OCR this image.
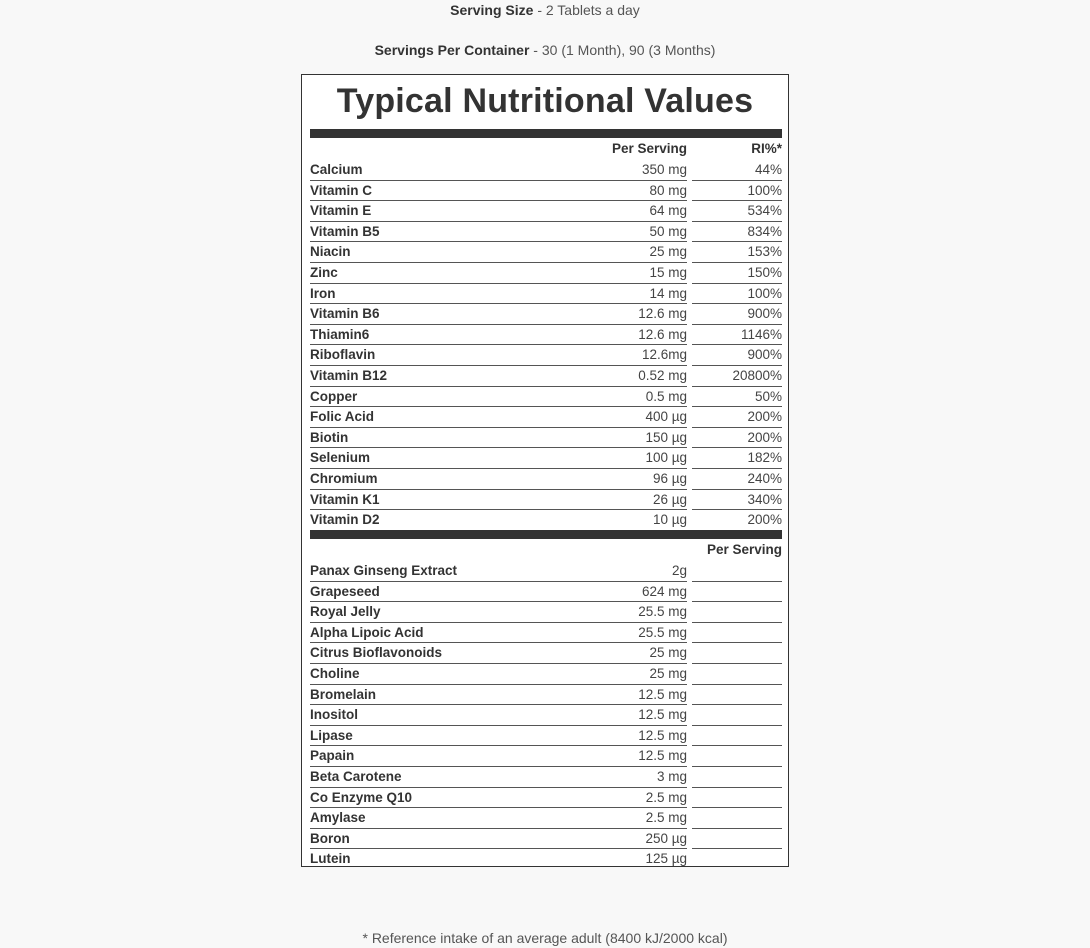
Serving Size - 2 Tablets a day
Servings Per Container - 30 (1 Month), 90 (3 Months)
Typical Nutritional Values
Per Serving	RI%*
Calcium	350 mg	44%
Vitamin C	80 mg	100%
Vitamin E	64 mg	534%
Vitamin B5	50 mg	834%
Niacin	25 mg	153%
Zinc	15 mg	150%
Iron	14 mg	100%
Vitamin B6	12.6 mg	900%
Thiamin6	12.6 mg	1146%
Riboflavin	12.6mg	900%
Vitamin B12	0.52 mg	20800%
Copper	0.5 mg	50%
Folic Acid	400 µg	200%
Biotin	150 µg	200%
Selenium	100 µg	182%
Chromium	96 µg	240%
Vitamin K1	26 µg	340%
Vitamin D2	10 µg	200%
Per Serving
Panax Ginseng Extract	2g
Grapeseed	624 mg
Royal Jelly	25.5 mg
Alpha Lipoic Acid	25.5 mg
Citrus Bioflavonoids	25 mg
Choline	25 mg
Bromelain	12.5 mg
Inositol	12.5 mg
Lipase	12.5 mg
Papain	12.5 mg
Beta Carotene	3 mg
Co Enzyme Q10	2.5 mg
Amylase	2.5 mg
Boron	250 µg
Lutein	125 µg
* Reference intake of an average adult (8400 kJ/2000 kcal)
